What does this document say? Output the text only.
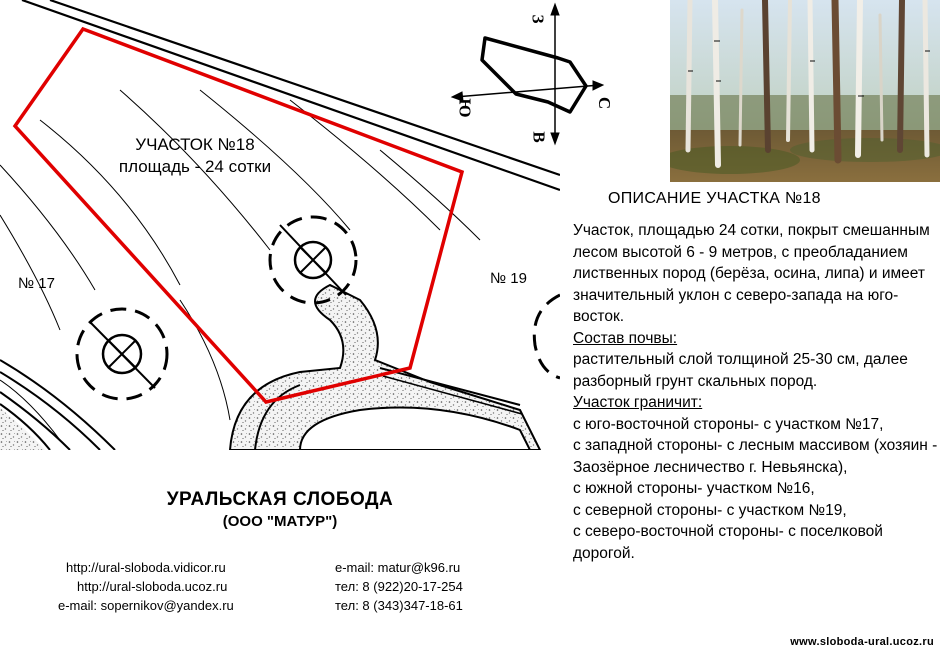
УЧАСТОК №18
площадь - 24 сотки
№ 17	№ 19
З
С
В
Ю
ОПИСАНИЕ УЧАСТКА №18

Участок, площадью 24 сотки, покрыт смешанным лесом высотой 6 - 9 метров, с преобладанием лиственных пород (берёза, осина, липа) и имеет значительный уклон с северо-запада на юго-восток.

Состав почвы:

растительный слой толщиной 25-30 см, далее разборный грунт скальных пород.

Участок граничит:

с юго-восточной стороны- с участком №17,

с западной стороны- с лесным массивом (хозяин - Заозёрное лесничество г. Невьянска),

с южной стороны- участком №16,

с северной стороны- с участком №19,

с северо-восточной стороны- с поселковой дорогой.

УРАЛЬСКАЯ СЛОБОДА
(ООО "МАТУР")
http://ural-sloboda.vidicor.ru
http://ural-sloboda.ucoz.ru
e-mail: sopernikov@yandex.ru
e-mail: matur@k96.ru
тел: 8 (922)20-17-254
тел: 8 (343)347-18-61
www.sloboda-ural.ucoz.ru
